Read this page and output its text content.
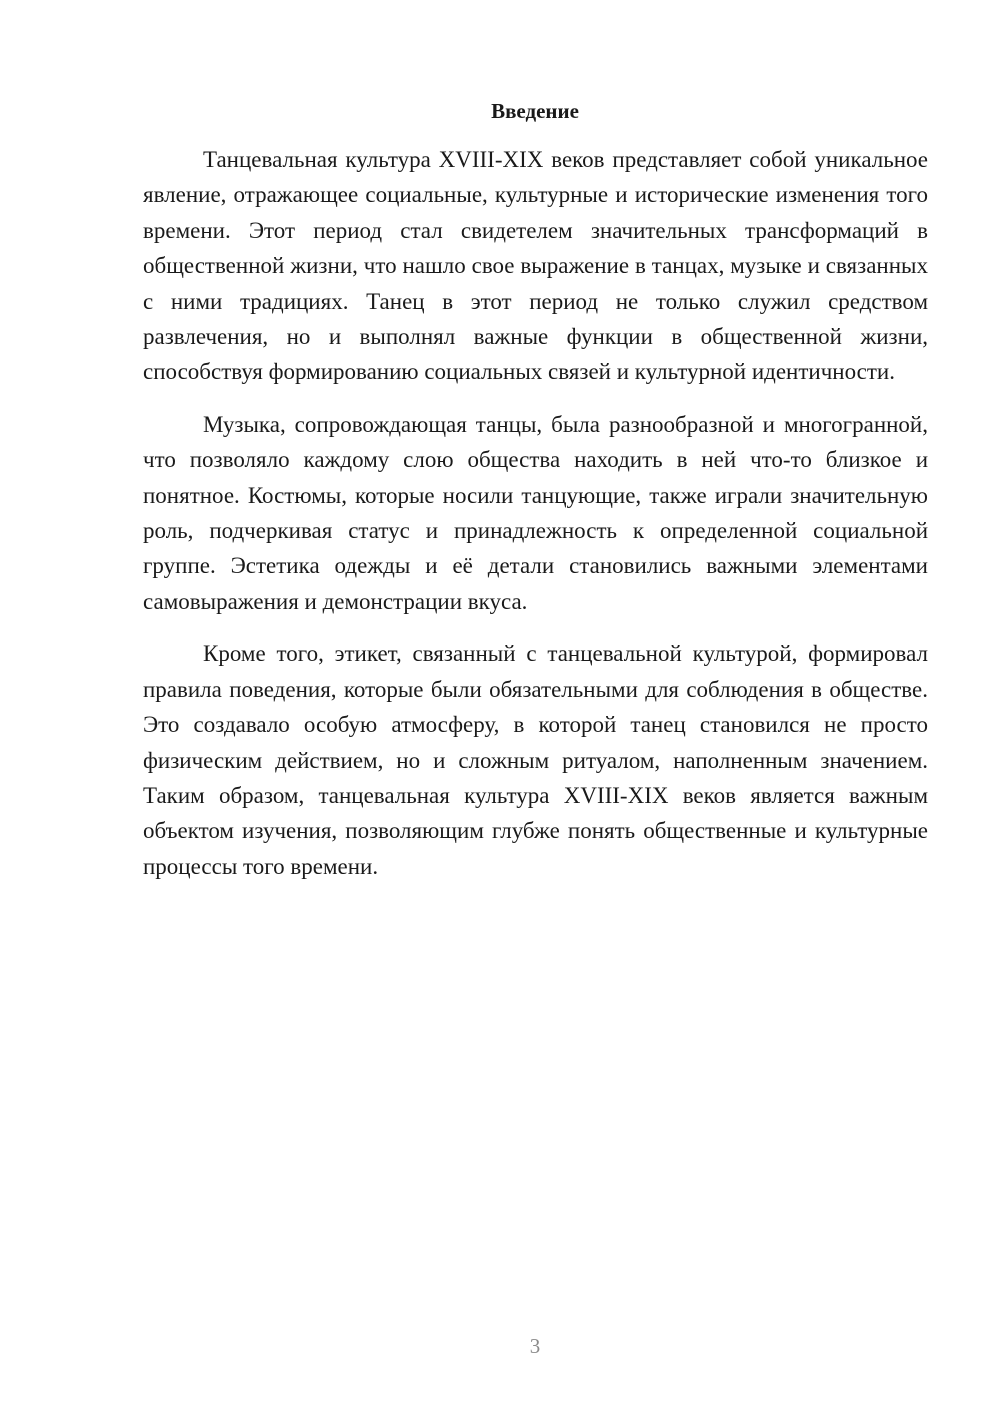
Введение

Танцевальная культура XVIII-XIX веков представляет собой уникальное явление, отражающее социальные, культурные и исторические изменения того времени. Этот период стал свидетелем значительных трансформаций в общественной жизни, что нашло свое выражение в танцах, музыке и связанных с ними традициях. Танец в этот период не только служил средством развлечения, но и выполнял важные функции в общественной жизни, способствуя формированию социальных связей и культурной идентичности.

Музыка, сопровождающая танцы, была разнообразной и многогранной, что позволяло каждому слою общества находить в ней что-то близкое и понятное. Костюмы, которые носили танцующие, также играли значительную роль, подчеркивая статус и принадлежность к определенной социальной группе. Эстетика одежды и её детали становились важными элементами самовыражения и демонстрации вкуса.

Кроме того, этикет, связанный с танцевальной культурой, формировал правила поведения, которые были обязательными для соблюдения в обществе. Это создавало особую атмосферу, в которой танец становился не просто физическим действием, но и сложным ритуалом, наполненным значением. Таким образом, танцевальная культура XVIII-XIX веков является важным объектом изучения, позволяющим глубже понять общественные и культурные процессы того времени.

3
